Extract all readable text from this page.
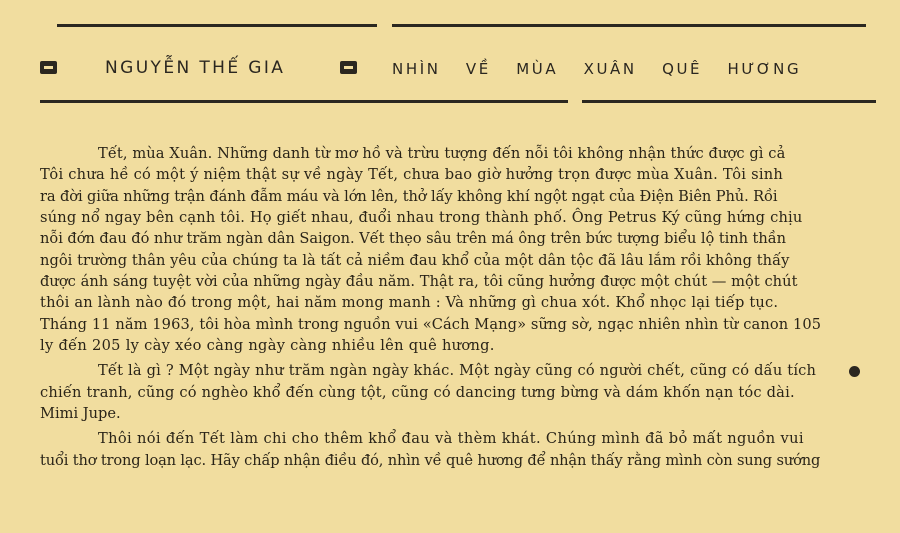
NGUYỄN THẾ GIA	NHÌN VỀ MÙA XUÂN QUÊ HƯƠNG

Tết, mùa Xuân. Những danh từ mơ hồ và trừu tượng đến nỗi tôi không nhận thức được gì cả

Tôi chưa hề có một ý niệm thật sự về ngày Tết, chưa bao giờ hưởng trọn được mùa Xuân. Tôi sinh

ra đời giữa những trận đánh đẫm máu và lớn lên, thở lấy không khí ngột ngạt của Điện Biên Phủ. Rồi

súng nổ ngay bên cạnh tôi. Họ giết nhau, đuổi nhau trong thành phố. Ông Petrus Ký cũng hứng chịu

nỗi đớn đau đó như trăm ngàn dân Saigon. Vết thẹo sâu trên má ông trên bức tượng biểu lộ tinh thần

ngôi trường thân yêu của chúng ta là tất cả niềm đau khổ của một dân tộc đã lâu lắm rồi không thấy

được ánh sáng tuyệt vời của những ngày đầu năm. Thật ra, tôi cũng hưởng được một chút — một chút

thôi an lành nào đó trong một, hai năm mong manh : Và những gì chua xót. Khổ nhọc lại tiếp tục.

Tháng 11 năm 1963, tôi hòa mình trong nguồn vui «Cách Mạng» sững sờ, ngạc nhiên nhìn từ canon 105

ly đến 205 ly cày xéo càng ngày càng nhiều lên quê hương.

Tết là gì ? Một ngày như trăm ngàn ngày khác. Một ngày cũng có người chết, cũng có dấu tích

chiến tranh, cũng có nghèo khổ đến cùng tột, cũng có dancing tưng bừng và dám khốn nạn tóc dài.

Mimi Jupe.

Thôi nói đến Tết làm chi cho thêm khổ đau và thèm khát. Chúng mình đã bỏ mất nguồn vui

tuổi thơ trong loạn lạc. Hãy chấp nhận điều đó, nhìn về quê hương để nhận thấy rằng mình còn sung sướng
